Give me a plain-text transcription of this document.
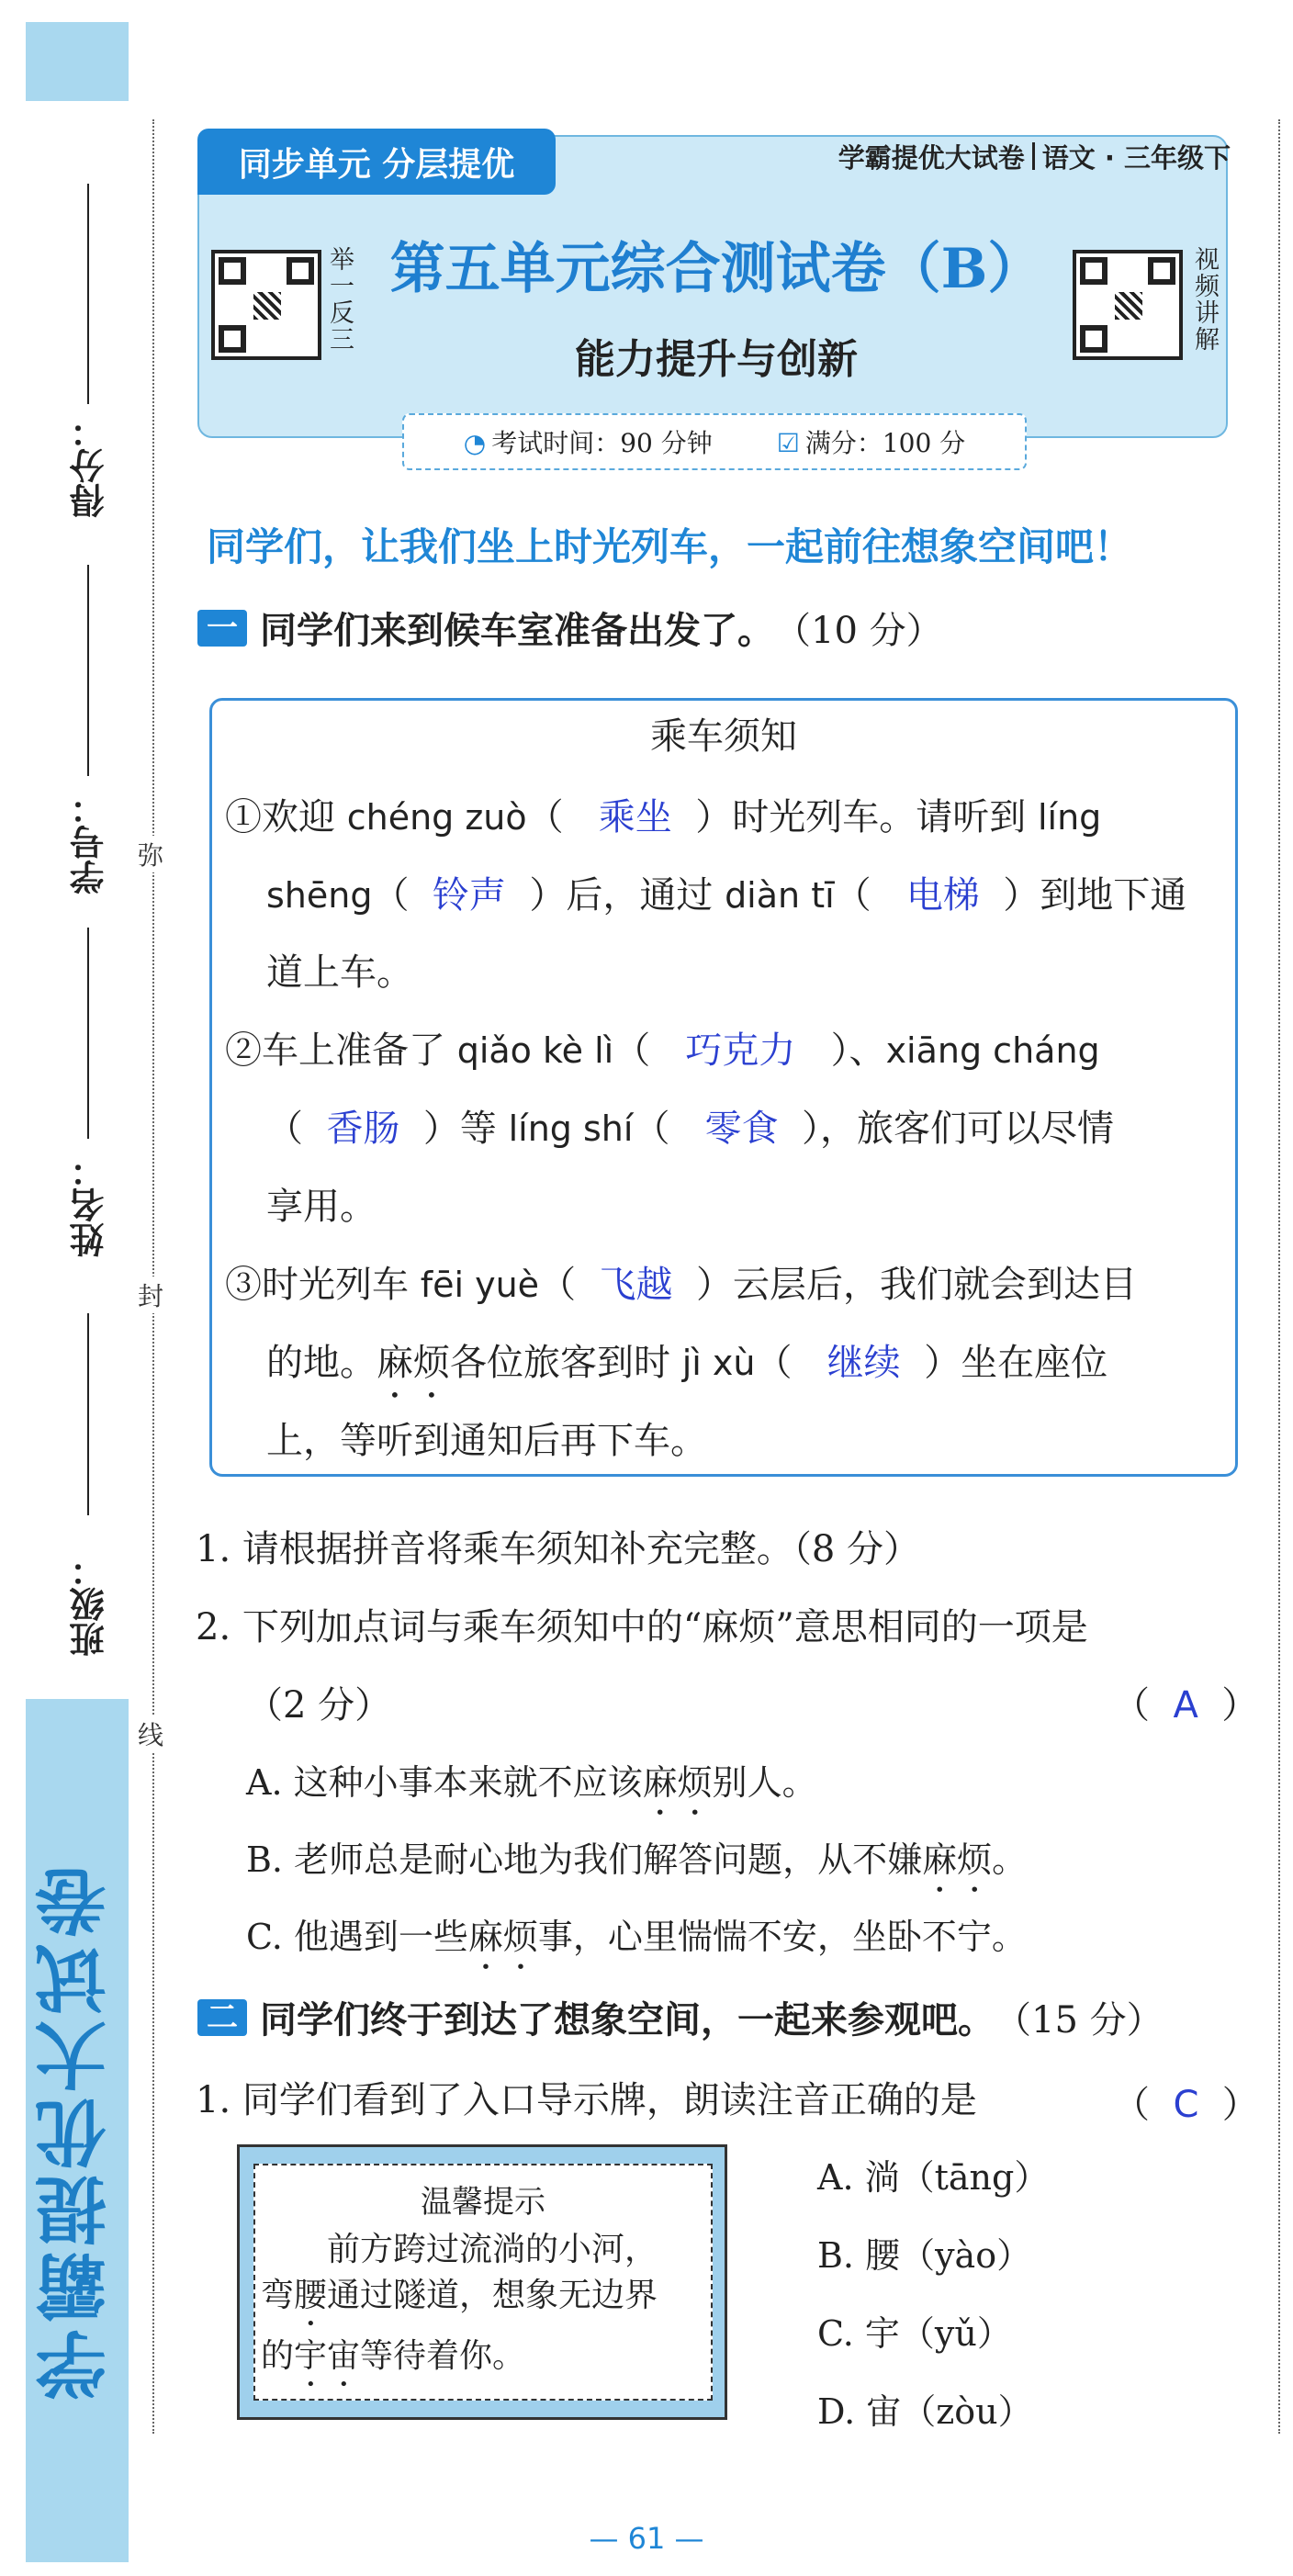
学霸提优大试卷
得分：
学号：
姓名：
班级：
弥
封
线
同步单元 分层提优	学霸提优大试卷 语文 · 三年级下
举一反三	视频讲解
第五单元综合测试卷（B）
能力提升与创新
◔ 考试时间：90 分钟	☑ 满分：100 分
同学们，让我们坐上时光列车，一起前往想象空间吧！
一 同学们来到候车室准备出发了。 （10 分）
乘车须知
①欢迎 chéng zuò（   乘坐 ）时光列车。请听到 líng
shēng（  铃声 ）后，通过 diàn tī（   电梯 ）到地下通
道上车。
②车上准备了 qiǎo kè lì（   巧克力 ）、xiāng cháng
（  香肠 ）等 líng shí（   零食 ），旅客们可以尽情
享用。
③时光列车 fēi yuè（  飞越 ）云层后，我们就会到达目
的地。麻烦各位旅客到时 jì xù（   继续 ）坐在座位
上，等听到通知后再下车。
1. 请根据拼音将乘车须知补充完整。（8 分）
2. 下列加点词与乘车须知中的“麻烦”意思相同的一项是
（2 分）	（  A  ）
A. 这种小事本来就不应该麻烦别人。
B. 老师总是耐心地为我们解答问题，从不嫌麻烦。
C. 他遇到一些麻烦事，心里惴惴不安，坐卧不宁。
二 同学们终于到达了想象空间，一起来参观吧。 （15 分）
1. 同学们看到了入口导示牌，朗读注音正确的是	（  C  ）
温馨提示
前方跨过流淌的小河，
弯腰通过隧道，想象无边界
的宇宙等待着你。
A. 淌（tāng）
B. 腰（yào）
C. 宇（yǔ）
D. 宙（zòu）
— 61 —
